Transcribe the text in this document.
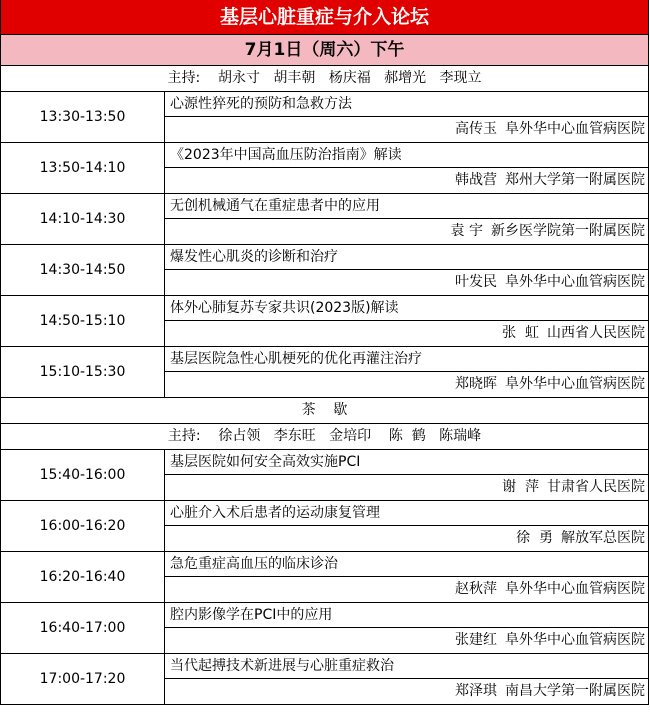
基层心脏重症与介入论坛
7月1日（周六）下午
主持:    胡永寸   胡丰朝   杨庆福   郝增光   李现立
13:30-13:50
心源性猝死的预防和急救方法
高传玉 阜外华中心血管病医院
13:50-14:10
《2023年中国高血压防治指南》解读
韩战营 郑州大学第一附属医院
14:10-14:30
无创机械通气在重症患者中的应用
袁 宇 新乡医学院第一附属医院
14:30-14:50
爆发性心肌炎的诊断和治疗
叶发民 阜外华中心血管病医院
14:50-15:10
体外心肺复苏专家共识(2023版)解读
张  虹 山西省人民医院
15:10-15:30
基层医院急性心肌梗死的优化再灌注治疗
郑晓晖 阜外华中心血管病医院
茶    歇
主持:    徐占领   李东旺   金培印    陈  鹤   陈瑞峰
15:40-16:00
基层医院如何安全高效实施PCI
谢  萍 甘肃省人民医院
16:00-16:20
心脏介入术后患者的运动康复管理
徐  勇 解放军总医院
16:20-16:40
急危重症高血压的临床诊治
赵秋萍 阜外华中心血管病医院
16:40-17:00
腔内影像学在PCI中的应用
张建红 阜外华中心血管病医院
17:00-17:20
当代起搏技术新进展与心脏重症救治
郑泽琪 南昌大学第一附属医院
